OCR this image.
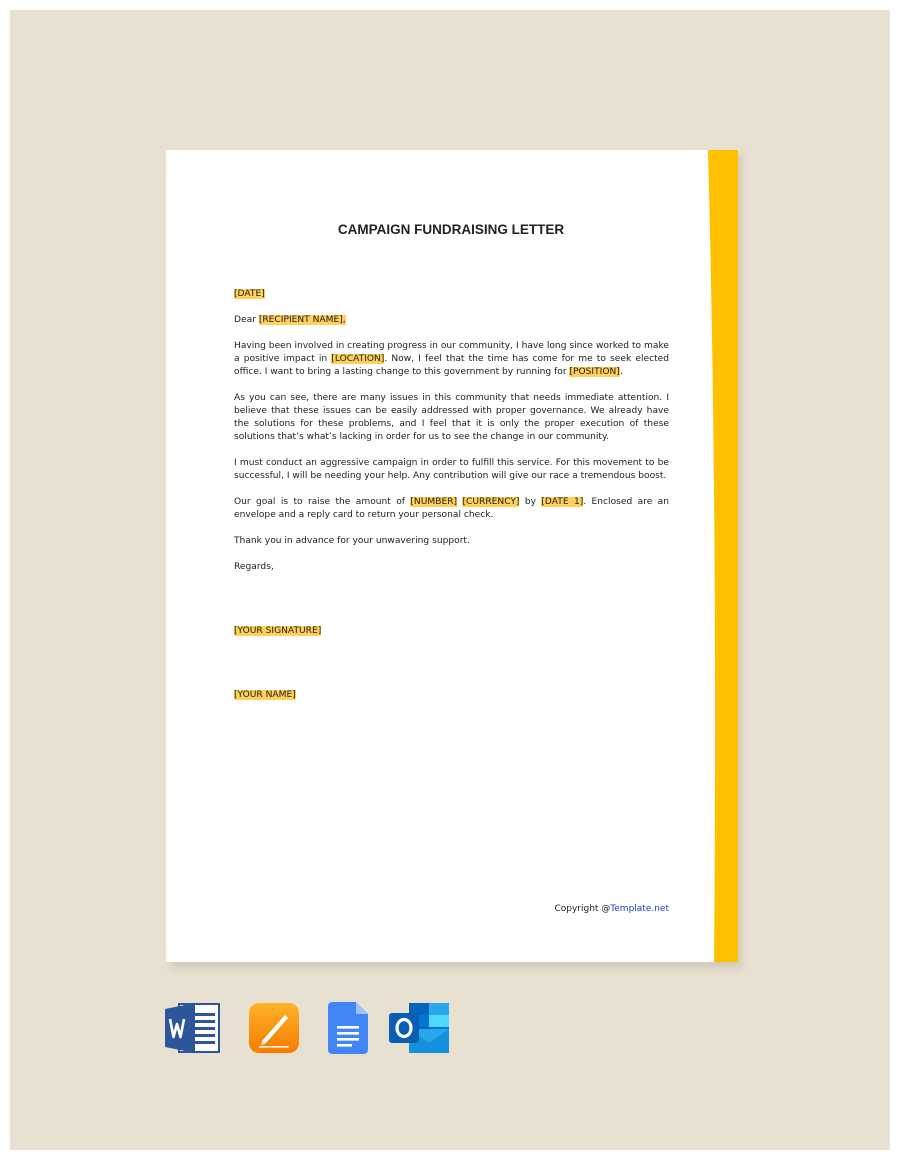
CAMPAIGN FUNDRAISING LETTER

[DATE]

Dear [RECIPIENT NAME],

Having been involved in creating progress in our community, I have long since worked to make a positive impact in [LOCATION]. Now, I feel that the time has come for me to seek elected office. I want to bring a lasting change to this government by running for [POSITION].

As you can see, there are many issues in this community that needs immediate attention. I believe that these issues can be easily addressed with proper governance. We already have the solutions for these problems, and I feel that it is only the proper execution of these solutions that’s what’s lacking in order for us to see the change in our community.

I must conduct an aggressive campaign in order to fulfill this service. For this movement to be successful, I will be needing your help. Any contribution will give our race a tremendous boost.

Our goal is to raise the amount of [NUMBER] [CURRENCY] by [DATE 1]. Enclosed are an envelope and a reply card to return your personal check.

Thank you in advance for your unwavering support.

Regards,

[YOUR SIGNATURE]

[YOUR NAME]

Copyright @Template.net
